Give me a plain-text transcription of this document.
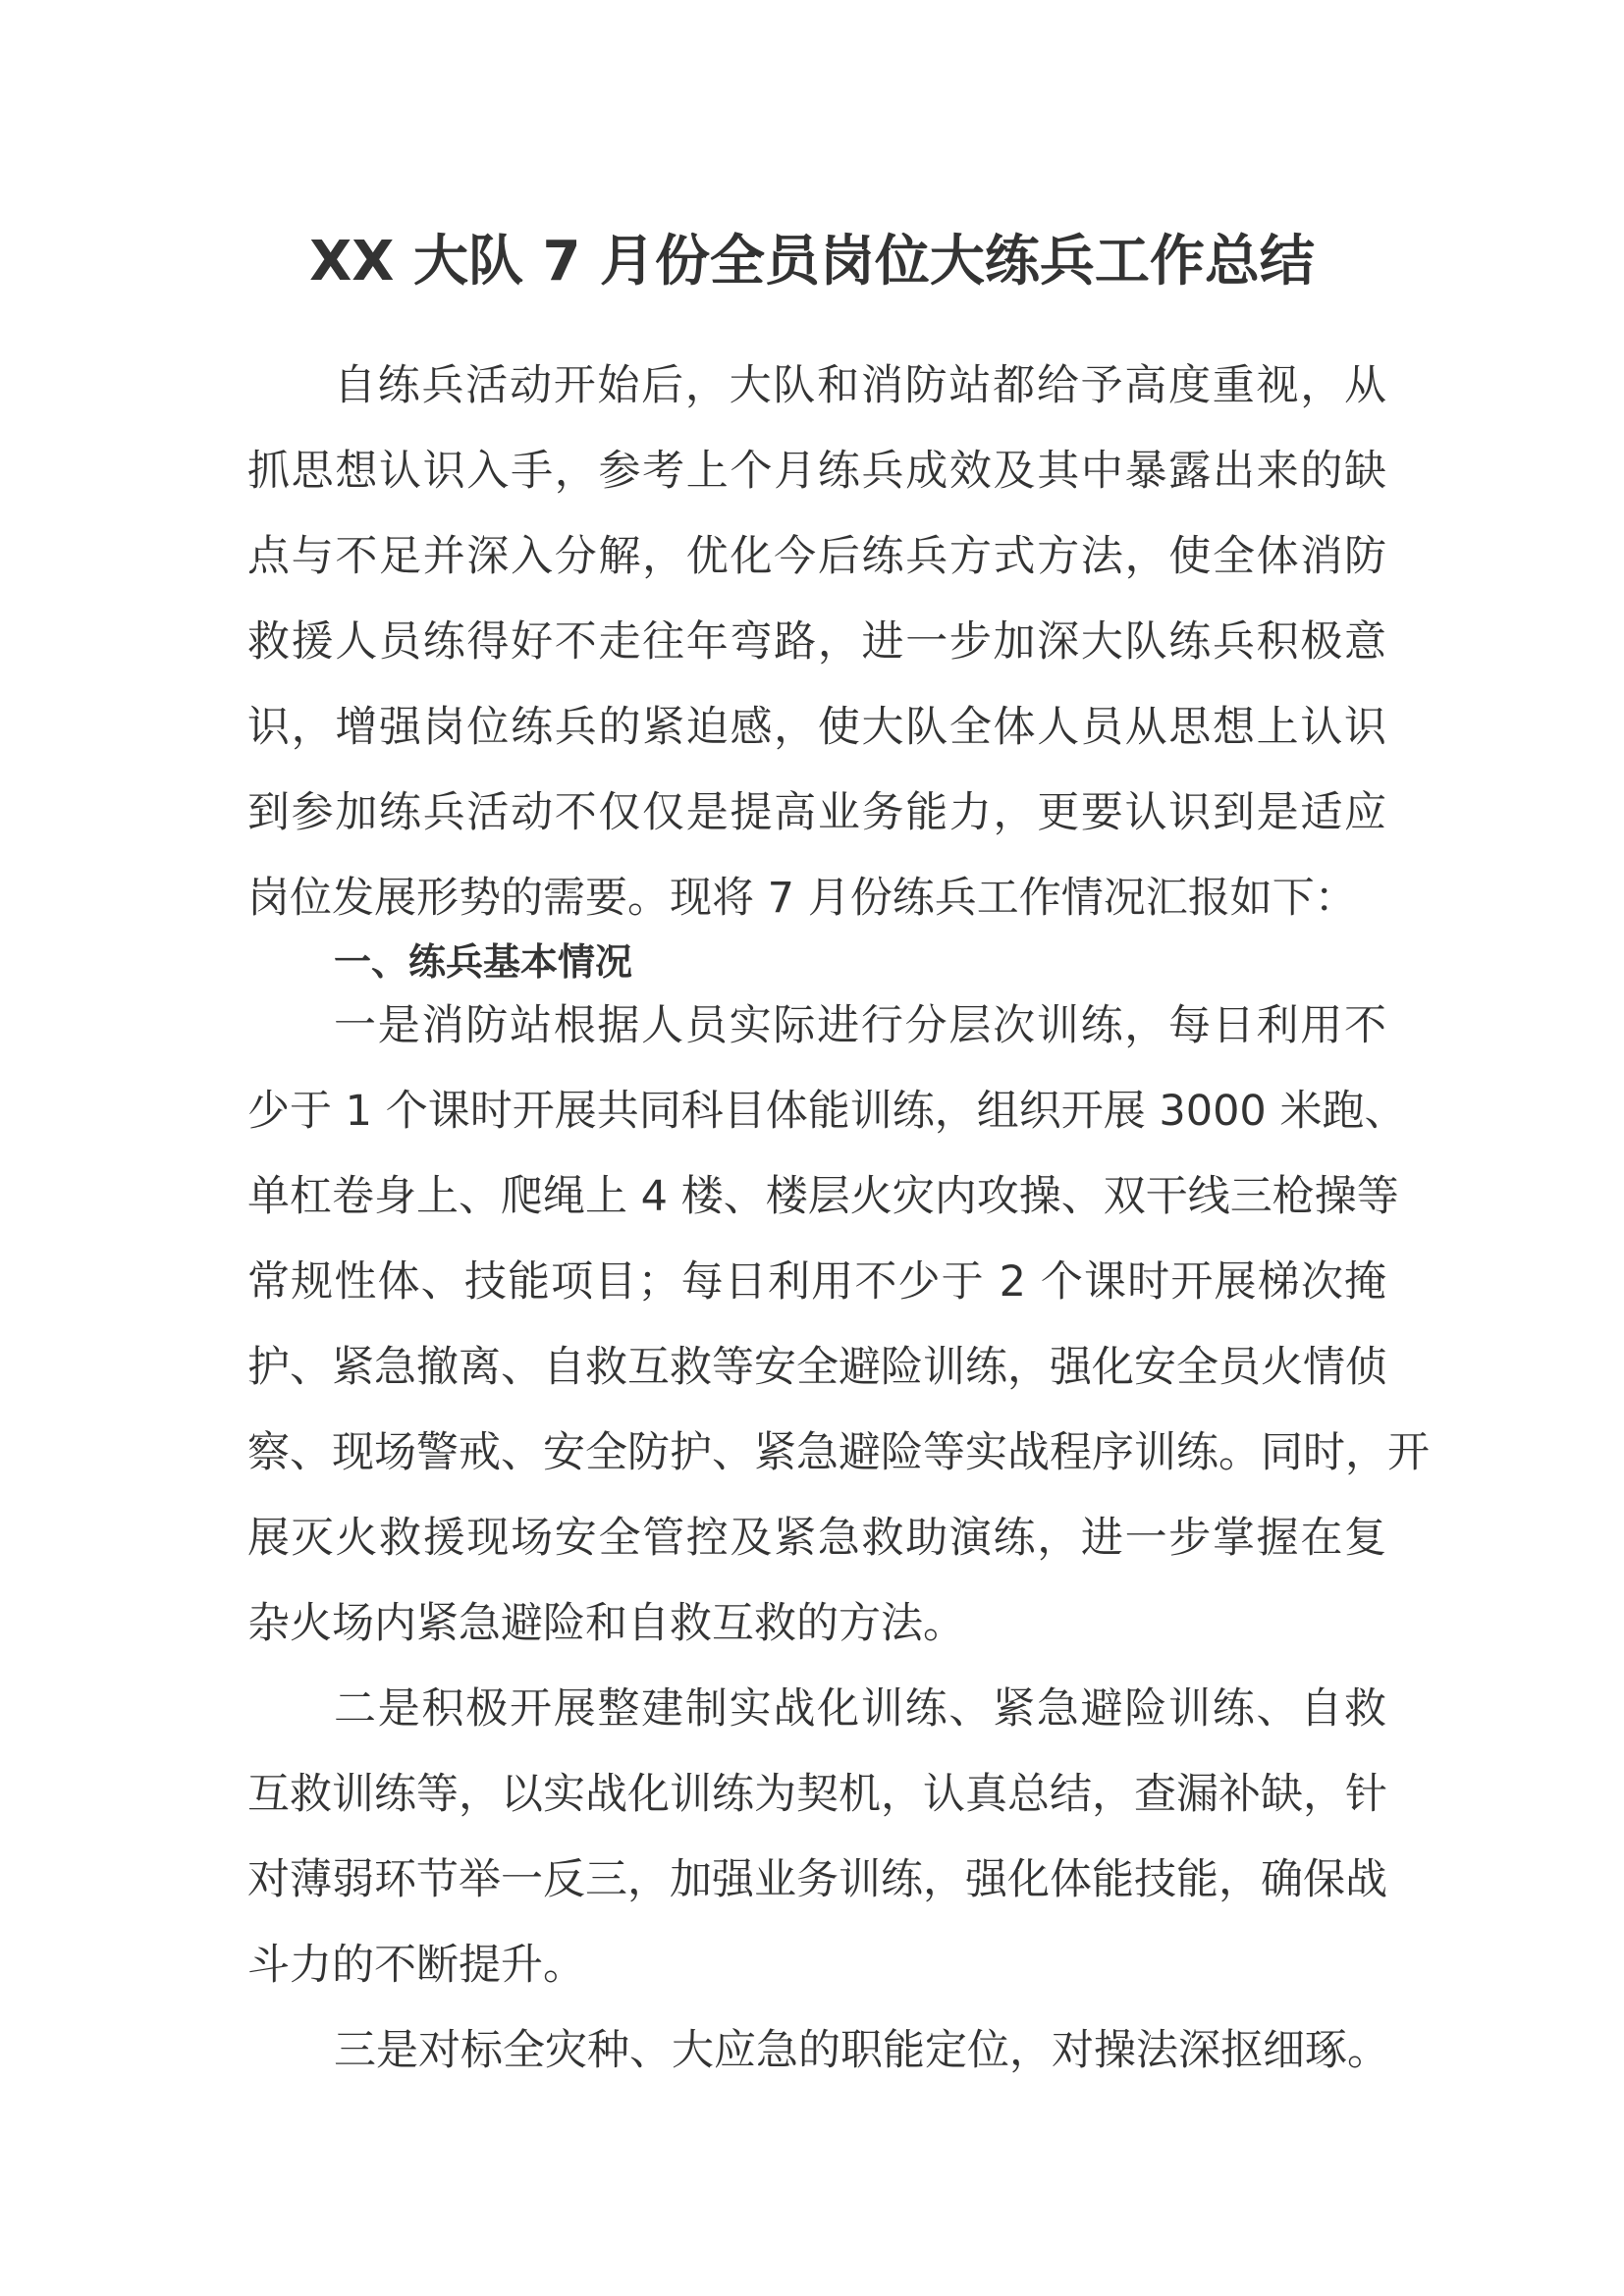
XX 大队 7 月份全员岗位大练兵工作总结
自练兵活动开始后，大队和消防站都给予高度重视，从
抓思想认识入手，参考上个月练兵成效及其中暴露出来的缺
点与不足并深入分解，优化今后练兵方式方法，使全体消防
救援人员练得好不走往年弯路，进一步加深大队练兵积极意
识，增强岗位练兵的紧迫感，使大队全体人员从思想上认识
到参加练兵活动不仅仅是提高业务能力，更要认识到是适应
岗位发展形势的需要。现将 7 月份练兵工作情况汇报如下：
一、练兵基本情况
一是消防站根据人员实际进行分层次训练，每日利用不
少于 1 个课时开展共同科目体能训练，组织开展 3000 米跑、
单杠卷身上、爬绳上 4 楼、楼层火灾内攻操、双干线三枪操等
常规性体、技能项目；每日利用不少于 2 个课时开展梯次掩
护、紧急撤离、自救互救等安全避险训练，强化安全员火情侦
察、现场警戒、安全防护、紧急避险等实战程序训练。同时，开
展灭火救援现场安全管控及紧急救助演练，进一步掌握在复
杂火场内紧急避险和自救互救的方法。
二是积极开展整建制实战化训练、紧急避险训练、自救
互救训练等，以实战化训练为契机，认真总结，查漏补缺，针
对薄弱环节举一反三，加强业务训练，强化体能技能，确保战
斗力的不断提升。
三是对标全灾种、大应急的职能定位，对操法深抠细琢。
